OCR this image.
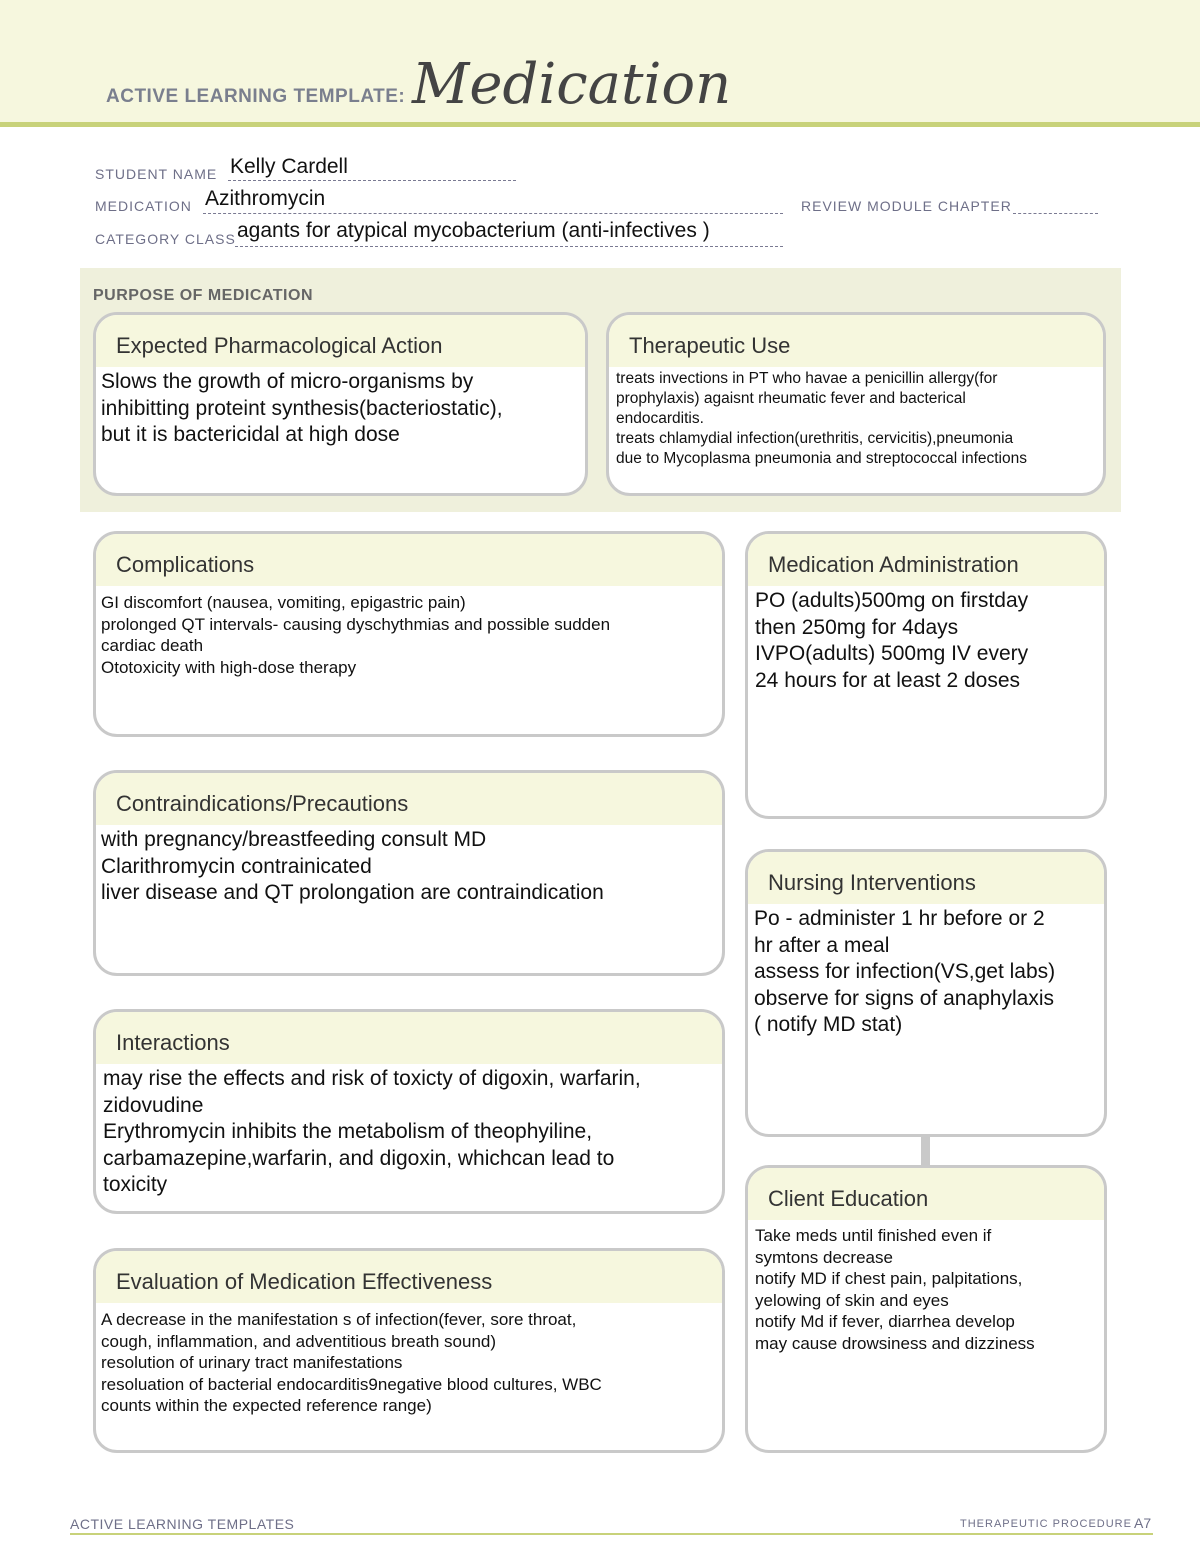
ACTIVE LEARNING TEMPLATE: Medication
STUDENT NAME Kelly Cardell
MEDICATION Azithromycin	REVIEW MODULE CHAPTER
CATEGORY CLASS agants for atypical mycobacterium (anti-infectives )
PURPOSE OF MEDICATION
Expected Pharmacological Action
Slows the growth of micro-organisms by
inhibitting proteint synthesis(bacteriostatic),
but it is bactericidal at high dose
Therapeutic Use
treats invections in PT who havae a penicillin allergy(for
prophylaxis) agaisnt rheumatic fever and bacterical
endocarditis.
treats chlamydial infection(urethritis, cervicitis),pneumonia
due to Mycoplasma pneumonia and streptococcal infections
Complications
GI discomfort (nausea, vomiting, epigastric pain)
prolonged QT intervals- causing dyschythmias and possible sudden
cardiac death
Ototoxicity with high-dose therapy
Contraindications/Precautions
with pregnancy/breastfeeding consult MD
Clarithromycin contrainicated
liver disease and QT prolongation are contraindication
Interactions
may rise the effects and risk of toxicty of digoxin, warfarin,
zidovudine
Erythromycin inhibits the metabolism of theophyiline,
carbamazepine,warfarin, and digoxin, whichcan lead to
toxicity
Evaluation of Medication Effectiveness
A decrease in the manifestation s of infection(fever, sore throat,
cough, inflammation, and adventitious breath sound)
resolution of urinary tract manifestations
resoluation of bacterial endocarditis9negative blood cultures, WBC
counts within the expected reference range)
Medication Administration
PO (adults)500mg on firstday
then 250mg for 4days
IVPO(adults) 500mg IV every
24 hours for at least 2 doses
Nursing Interventions
Po - administer 1 hr before or 2
hr after a meal
assess for infection(VS,get labs)
observe for signs of anaphylaxis
( notify MD stat)
Client Education
Take meds until finished even if
symtons decrease
notify MD if chest pain, palpitations,
yelowing of skin and eyes
notify Md if fever, diarrhea develop
may cause drowsiness and dizziness
ACTIVE LEARNING TEMPLATES	THERAPEUTIC PROCEDURE A7
